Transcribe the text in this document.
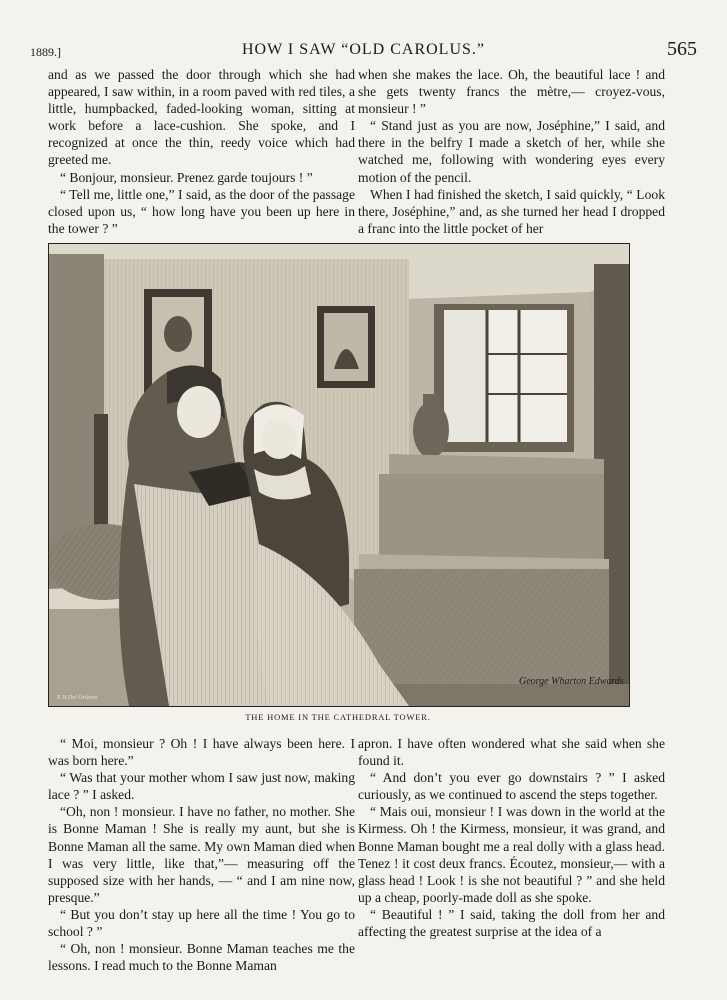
1889.]	HOW I SAW “OLD CAROLUS.”	565

and as we passed the door through which she had appeared, I saw within, in a room paved with red tiles, a little, humpbacked, faded-looking woman, sitting at work before a lace-cushion. She spoke, and I recognized at once the thin, reedy voice which had greeted me.

“ Bonjour, monsieur. Prenez garde toujours ! ”

“ Tell me, little one,” I said, as the door of the passage closed upon us, “ how long have you been up here in the tower ? ”

when she makes the lace. Oh, the beautiful lace ! and she gets twenty francs the mètre,— croyez-vous, monsieur ! ”

“ Stand just as you are now, Joséphine,” I said, and there in the belfry I made a sketch of her, while she watched me, following with wondering eyes every motion of the pencil.

When I had finished the sketch, I said quickly, “ Look there, Joséphine,” and, as she turned her head I dropped a franc into the little pocket of her

George Wharton Edwards
E.H.Del Orleans
THE HOME IN THE CATHEDRAL TOWER.

“ Moi, monsieur ? Oh ! I have always been here. I was born here.”

“ Was that your mother whom I saw just now, making lace ? ” I asked.

“Oh, non ! monsieur. I have no father, no mother. She is Bonne Maman ! She is really my aunt, but she is Bonne Maman all the same. My own Maman died when I was very little, like that,”— measuring off the supposed size with her hands, — “ and I am nine now, presque.”

“ But you don’t stay up here all the time ! You go to school ? ”

“ Oh, non ! monsieur. Bonne Maman teaches me the lessons. I read much to the Bonne Maman

apron. I have often wondered what she said when she found it.

“ And don’t you ever go downstairs ? ” I asked curiously, as we continued to ascend the steps together.

“ Mais oui, monsieur ! I was down in the world at the Kirmess. Oh ! the Kirmess, monsieur, it was grand, and Bonne Maman bought me a real dolly with a glass head. Tenez ! it cost deux francs. Écoutez, monsieur,— with a glass head ! Look ! is she not beautiful ? ” and she held up a cheap, poorly-made doll as she spoke.

“ Beautiful ! ” I said, taking the doll from her and affecting the greatest surprise at the idea of a
